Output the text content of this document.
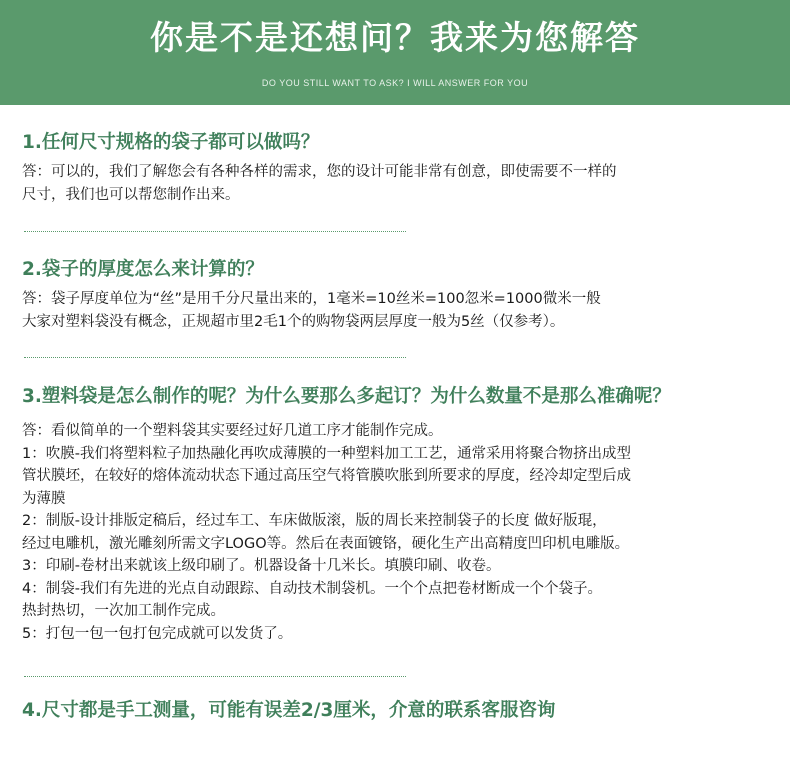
你是不是还想问？我来为您解答
DO YOU STILL WANT TO ASK? I WILL ANSWER FOR YOU
1.任何尺寸规格的袋子都可以做吗？
答：可以的，我们了解您会有各种各样的需求，您的设计可能非常有创意，即使需要不一样的
尺寸，我们也可以帮您制作出来。
2.袋子的厚度怎么来计算的？
答：袋子厚度单位为“丝”是用千分尺量出来的，1毫米=10丝米=100忽米=1000微米一般
大家对塑料袋没有概念，正规超市里2毛1个的购物袋两层厚度一般为5丝（仅参考）。
3.塑料袋是怎么制作的呢？为什么要那么多起订？为什么数量不是那么准确呢？
答：看似简单的一个塑料袋其实要经过好几道工序才能制作完成。
1：吹膜-我们将塑料粒子加热融化再吹成薄膜的一种塑料加工工艺，通常采用将聚合物挤出成型
管状膜坯，在较好的熔体流动状态下通过高压空气将管膜吹胀到所要求的厚度，经冷却定型后成
为薄膜
2：制版-设计排版定稿后，经过车工、车床做版滚，版的周长来控制袋子的长度 做好版琨，
经过电雕机，激光雕刻所需文字LOGO等。然后在表面镀铬，硬化生产出高精度凹印机电雕版。
3：印刷-卷材出来就该上级印刷了。机器设备十几米长。填膜印刷、收卷。
4：制袋-我们有先进的光点自动跟踪、自动技术制袋机。一个个点把卷材断成一个个袋子。
热封热切，一次加工制作完成。
5：打包一包一包打包完成就可以发货了。
4.尺寸都是手工测量，可能有误差2/3厘米，介意的联系客服咨询
